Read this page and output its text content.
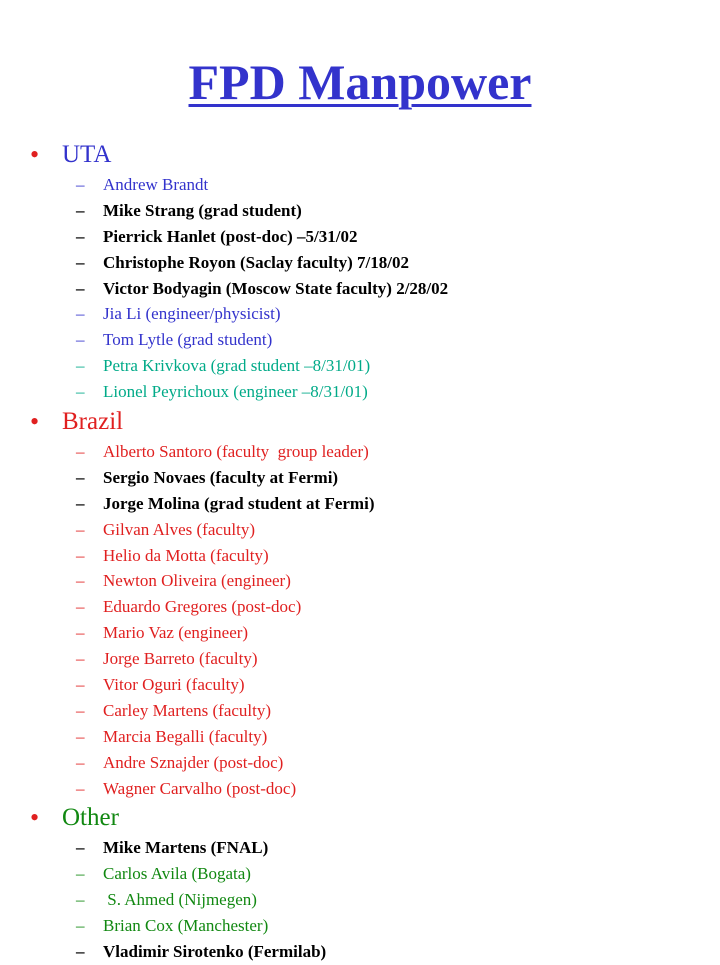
FPD Manpower
• UTA
– Andrew Brandt
– Mike Strang (grad student)
– Pierrick Hanlet (post-doc) –5/31/02
– Christophe Royon (Saclay faculty) 7/18/02
– Victor Bodyagin (Moscow State faculty) 2/28/02
– Jia Li (engineer/physicist)
– Tom Lytle (grad student)
– Petra Krivkova (grad student –8/31/01)
– Lionel Peyrichoux (engineer –8/31/01)
• Brazil
– Alberto Santoro (faculty  group leader)
– Sergio Novaes (faculty at Fermi)
– Jorge Molina (grad student at Fermi)
– Gilvan Alves (faculty)
– Helio da Motta (faculty)
– Newton Oliveira (engineer)
– Eduardo Gregores (post-doc)
– Mario Vaz (engineer)
– Jorge Barreto (faculty)
– Vitor Oguri (faculty)
– Carley Martens (faculty)
– Marcia Begalli (faculty)
– Andre Sznajder (post-doc)
– Wagner Carvalho (post-doc)
• Other
– Mike Martens (FNAL)
– Carlos Avila (Bogata)
– S. Ahmed (Nijmegen)
– Brian Cox (Manchester)
– Vladimir Sirotenko (Fermilab)
